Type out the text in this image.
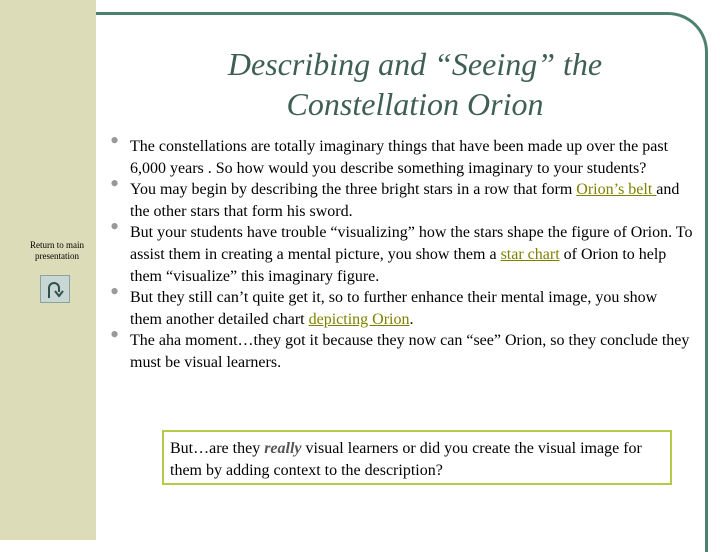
Describing and “Seeing” the
Constellation Orion
Return to main presentation
• The constellations are totally imaginary things that have been made up over the past 6,000 years . So how would you describe something imaginary to your students?
• You may begin by describing the three bright stars in a row that form Orion’s belt and the other stars that form his sword.
• But your students have trouble “visualizing” how the stars shape the figure of Orion. To assist them in creating a mental picture, you show them a star chart of Orion to help them “visualize” this imaginary figure.
• But they still can’t quite get it, so to further enhance their mental image, you show them another detailed chart depicting Orion.
• The aha moment…they got it because they now can “see” Orion, so they conclude they must be visual learners.
But…are they really visual learners or did you create the visual image for them by adding context to the description?
